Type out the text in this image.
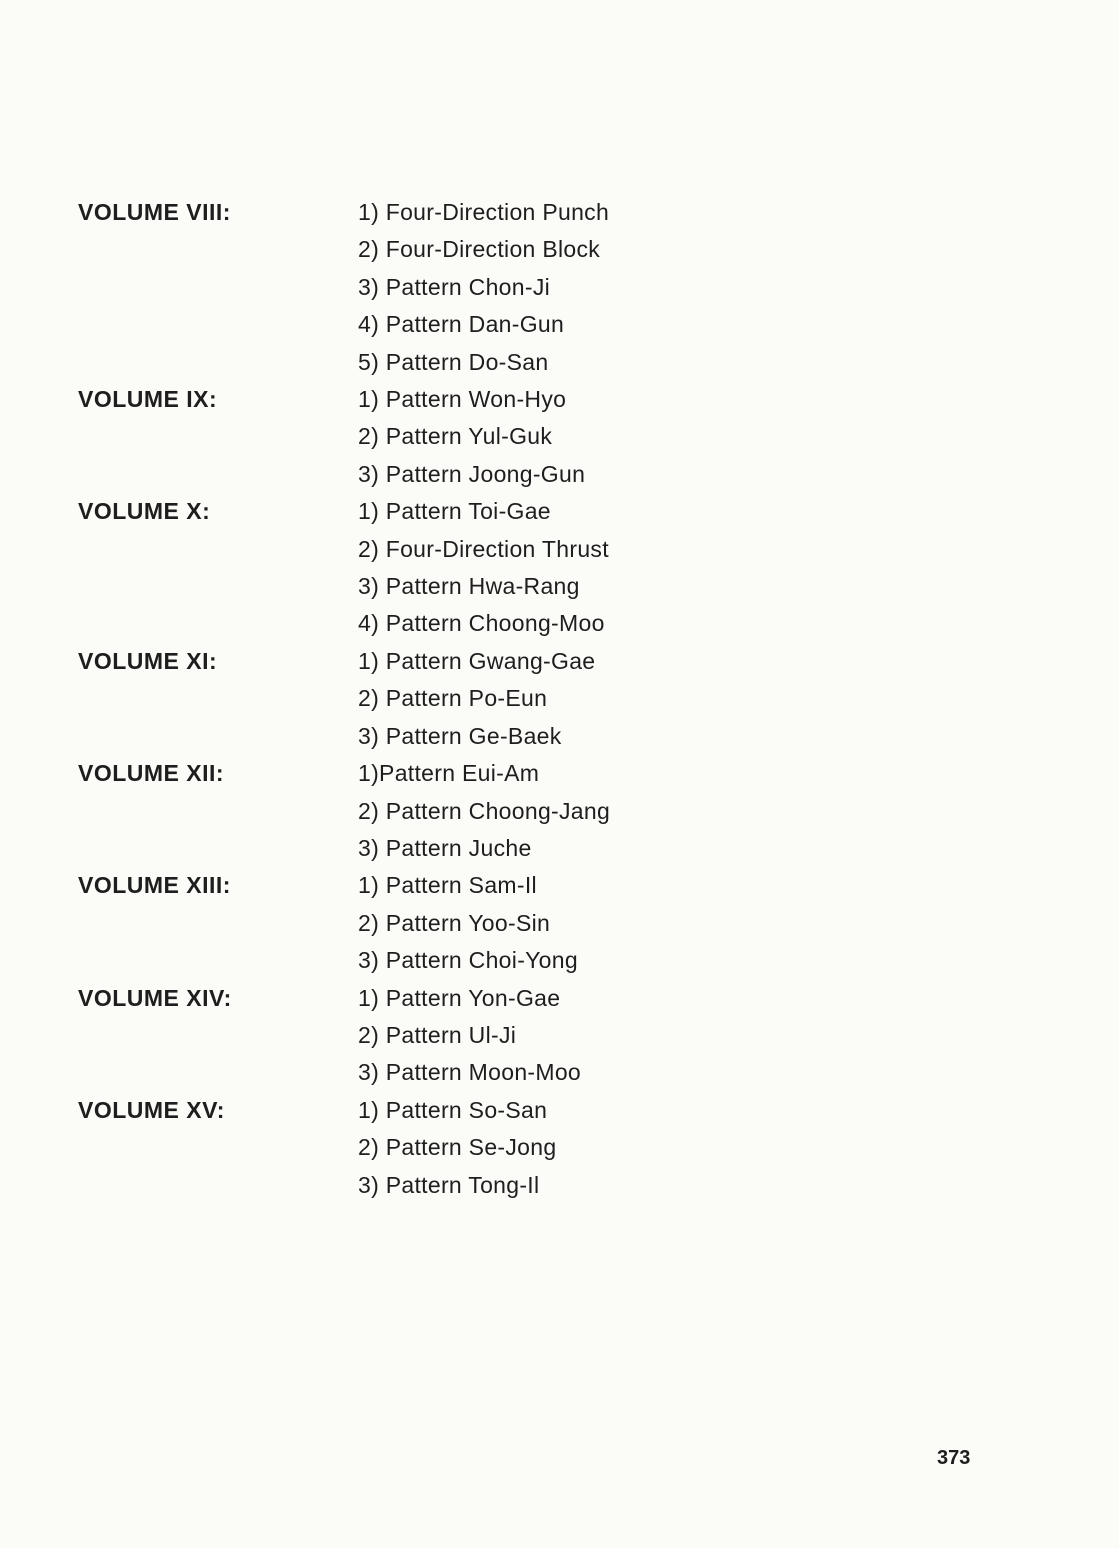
VOLUME VIII:	1) Four-Direction Punch
2) Four-Direction Block
3) Pattern Chon-Ji
4) Pattern Dan-Gun
5) Pattern Do-San
VOLUME IX:	1) Pattern Won-Hyo
2) Pattern Yul-Guk
3) Pattern Joong-Gun
VOLUME X:	1) Pattern Toi-Gae
2) Four-Direction Thrust
3) Pattern Hwa-Rang
4) Pattern Choong-Moo
VOLUME XI:	1) Pattern Gwang-Gae
2) Pattern Po-Eun
3) Pattern Ge-Baek
VOLUME XII:	1)Pattern Eui-Am
2) Pattern Choong-Jang
3) Pattern Juche
VOLUME XIII:	1) Pattern Sam-Il
2) Pattern Yoo-Sin
3) Pattern Choi-Yong
VOLUME XIV:	1) Pattern Yon-Gae
2) Pattern Ul-Ji
3) Pattern Moon-Moo
VOLUME XV:	1) Pattern So-San
2) Pattern Se-Jong
3) Pattern Tong-Il
373
